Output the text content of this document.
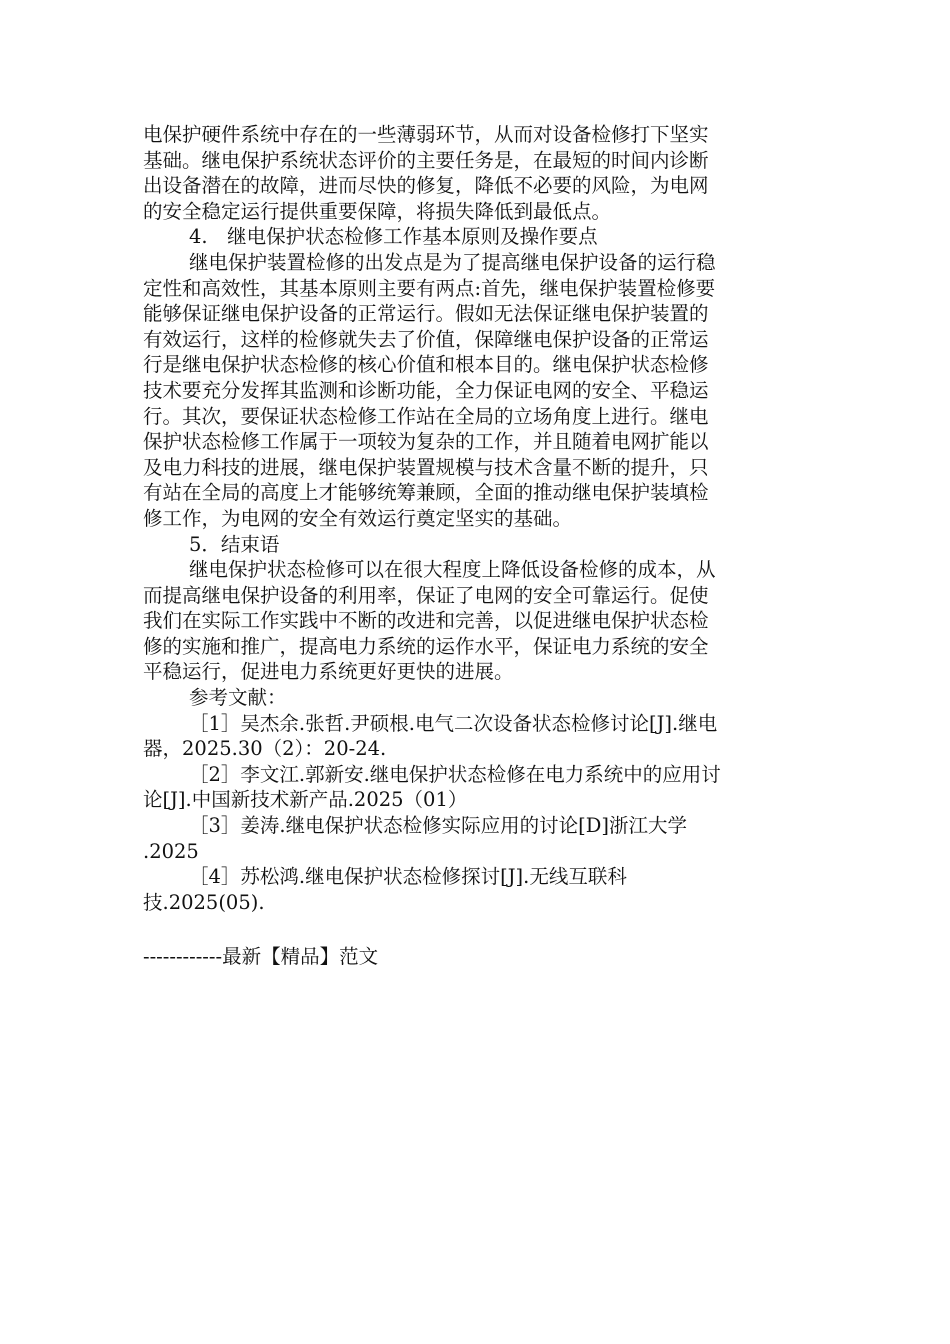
电保护硬件系统中存在的一些薄弱环节，从而对设备检修打下坚实
基础。继电保护系统状态评价的主要任务是，在最短的时间内诊断
出设备潜在的故障，进而尽快的修复，降低不必要的风险，为电网
的安全稳定运行提供重要保障，将损失降低到最低点。
4.　继电保护状态检修工作基本原则及操作要点
继电保护装置检修的出发点是为了提高继电保护设备的运行稳
定性和高效性，其基本原则主要有两点:首先，继电保护装置检修要
能够保证继电保护设备的正常运行。假如无法保证继电保护装置的
有效运行，这样的检修就失去了价值，保障继电保护设备的正常运
行是继电保护状态检修的核心价值和根本目的。继电保护状态检修
技术要充分发挥其监测和诊断功能，全力保证电网的安全、平稳运
行。其次，要保证状态检修工作站在全局的立场角度上进行。继电
保护状态检修工作属于一项较为复杂的工作，并且随着电网扩能以
及电力科技的进展，继电保护装置规模与技术含量不断的提升，只
有站在全局的高度上才能够统筹兼顾，全面的推动继电保护装填检
修工作，为电网的安全有效运行奠定坚实的基础。
5．结束语
继电保护状态检修可以在很大程度上降低设备检修的成本，从
而提高继电保护设备的利用率，保证了电网的安全可靠运行。促使
我们在实际工作实践中不断的改进和完善，以促进继电保护状态检
修的实施和推广，提高电力系统的运作水平，保证电力系统的安全
平稳运行，促进电力系统更好更快的进展。
参考文献：
［1］吴杰余.张哲.尹硕根.电气二次设备状态检修讨论[J].继电
器，2025.30（2）：20-24.
［2］李文江.郭新安.继电保护状态检修在电力系统中的应用讨
论[J].中国新技术新产品.2025（01）
［3］姜涛.继电保护状态检修实际应用的讨论[D]浙江大学
.2025
［4］苏松鸿.继电保护状态检修探讨[J].无线互联科
技.2025(05).
------------最新【精品】范文
